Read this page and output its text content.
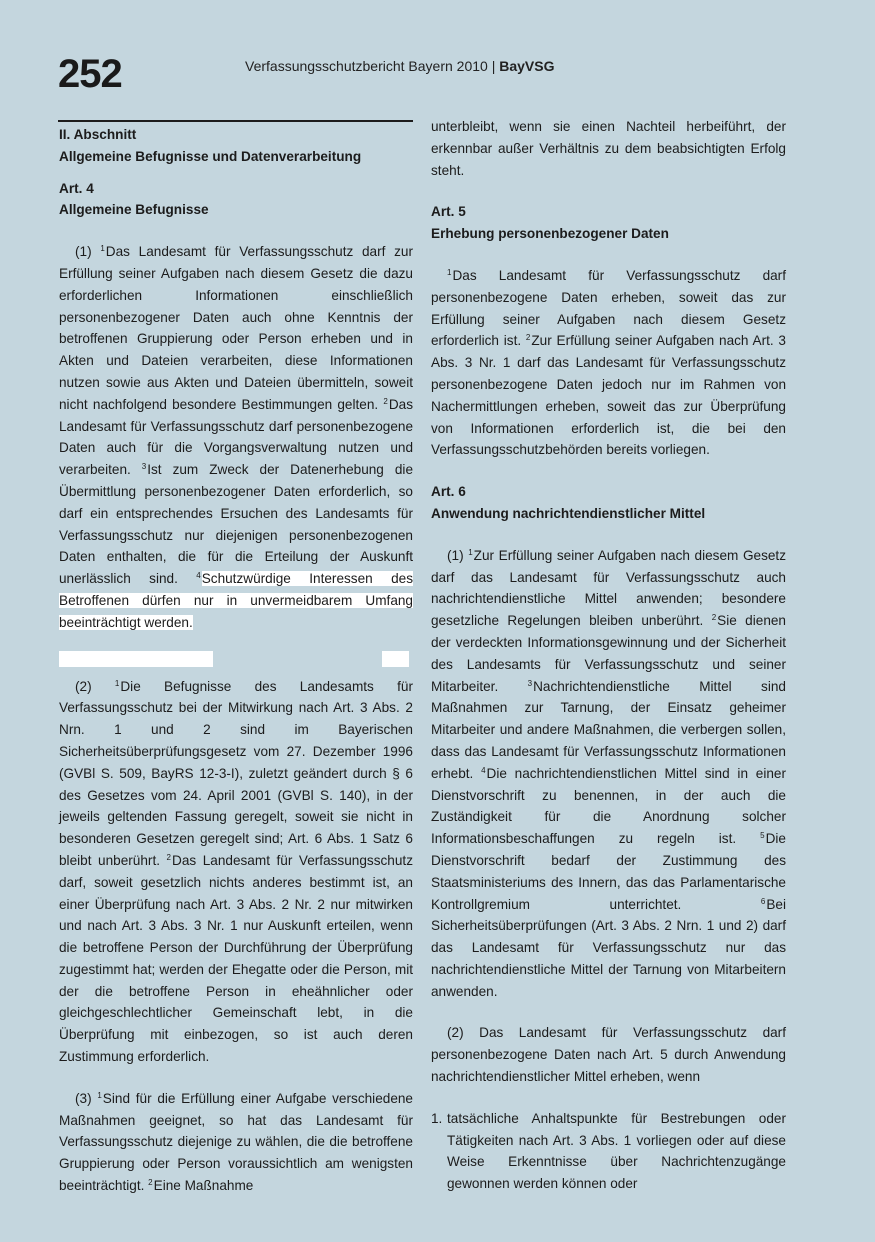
252	Verfassungsschutzbericht Bayern 2010 | BayVSG

II. Abschnitt

Allgemeine Befugnisse und Datenverarbeitung

Art. 4

Allgemeine Befugnisse

(1) $^1$Das Landesamt für Verfassungsschutz darf zur Erfüllung seiner Aufgaben nach diesem Gesetz die dazu erforderlichen Informationen einschließlich personenbezogener Daten auch ohne Kenntnis der betroffenen Gruppierung oder Person erheben und in Akten und Dateien verarbeiten, diese Informationen nutzen sowie aus Akten und Dateien übermitteln, soweit nicht nachfolgend besondere Bestimmungen gelten. $^2$Das Landesamt für Verfassungsschutz darf personenbezogene Daten auch für die Vorgangsverwaltung nutzen und verarbeiten. $^3$Ist zum Zweck der Datenerhebung die Übermittlung personenbezogener Daten erforderlich, so darf ein entsprechendes Ersuchen des Landesamts für Verfassungsschutz nur diejenigen personenbezogenen Daten enthalten, die für die Erteilung der Auskunft unerlässlich sind. $^4$Schutzwürdige Interessen des Betroffenen dürfen nur in unvermeidbarem Umfang beeinträchtigt werden.

(2) $^1$Die Befugnisse des Landesamts für Verfassungsschutz bei der Mitwirkung nach Art. 3 Abs. 2 Nrn. 1 und 2 sind im Bayerischen Sicherheitsüberprüfungsgesetz vom 27. Dezember 1996 (GVBl S. 509, BayRS 12-3-I), zuletzt geändert durch § 6 des Gesetzes vom 24. April 2001 (GVBl S. 140), in der jeweils geltenden Fassung geregelt, soweit sie nicht in besonderen Gesetzen geregelt sind; Art. 6 Abs. 1 Satz 6 bleibt unberührt. $^2$Das Landesamt für Verfassungsschutz darf, soweit gesetzlich nichts anderes bestimmt ist, an einer Überprüfung nach Art. 3 Abs. 2 Nr. 2 nur mitwirken und nach Art. 3 Abs. 3 Nr. 1 nur Auskunft erteilen, wenn die betroffene Person der Durchführung der Überprüfung zugestimmt hat; werden der Ehegatte oder die Person, mit der die betroffene Person in eheähnlicher oder gleichgeschlechtlicher Gemeinschaft lebt, in die Überprüfung mit einbezogen, so ist auch deren Zustimmung erforderlich.

(3) $^1$Sind für die Erfüllung einer Aufgabe verschiedene Maßnahmen geeignet, so hat das Landesamt für Verfassungsschutz diejenige zu wählen, die die betroffene Gruppierung oder Person voraussichtlich am wenigsten beeinträchtigt. $^2$Eine Maßnahme

unterbleibt, wenn sie einen Nachteil herbeiführt, der erkennbar außer Verhältnis zu dem beabsichtigten Erfolg steht.

Art. 5

Erhebung personenbezogener Daten

$^1$Das Landesamt für Verfassungsschutz darf personenbezogene Daten erheben, soweit das zur Erfüllung seiner Aufgaben nach diesem Gesetz erforderlich ist. $^2$Zur Erfüllung seiner Aufgaben nach Art. 3 Abs. 3 Nr. 1 darf das Landesamt für Verfassungsschutz personenbezogene Daten jedoch nur im Rahmen von Nachermittlungen erheben, soweit das zur Überprüfung von Informationen erforderlich ist, die bei den Verfassungsschutzbehörden bereits vorliegen.

Art. 6

Anwendung nachrichtendienstlicher Mittel

(1) $^1$Zur Erfüllung seiner Aufgaben nach diesem Gesetz darf das Landesamt für Verfassungsschutz auch nachrichtendienstliche Mittel anwenden; besondere gesetzliche Regelungen bleiben unberührt. $^2$Sie dienen der verdeckten Informationsgewinnung und der Sicherheit des Landesamts für Verfassungsschutz und seiner Mitarbeiter. $^3$Nachrichtendienstliche Mittel sind Maßnahmen zur Tarnung, der Einsatz geheimer Mitarbeiter und andere Maßnahmen, die verbergen sollen, dass das Landesamt für Verfassungsschutz Informationen erhebt. $^4$Die nachrichtendienstlichen Mittel sind in einer Dienstvorschrift zu benennen, in der auch die Zuständigkeit für die Anordnung solcher Informationsbeschaffungen zu regeln ist. $^5$Die Dienstvorschrift bedarf der Zustimmung des Staatsministeriums des Innern, das das Parlamentarische Kontrollgremium unterrichtet. $^6$Bei Sicherheitsüberprüfungen (Art. 3 Abs. 2 Nrn. 1 und 2) darf das Landesamt für Verfassungsschutz nur das nachrichtendienstliche Mittel der Tarnung von Mitarbeitern anwenden.

(2) Das Landesamt für Verfassungsschutz darf personenbezogene Daten nach Art. 5 durch Anwendung nachrichtendienstlicher Mittel erheben, wenn

1. tatsächliche Anhaltspunkte für Bestrebungen oder Tätigkeiten nach Art. 3 Abs. 1 vorliegen oder auf diese Weise Erkenntnisse über Nachrichtenzugänge gewonnen werden können oder
